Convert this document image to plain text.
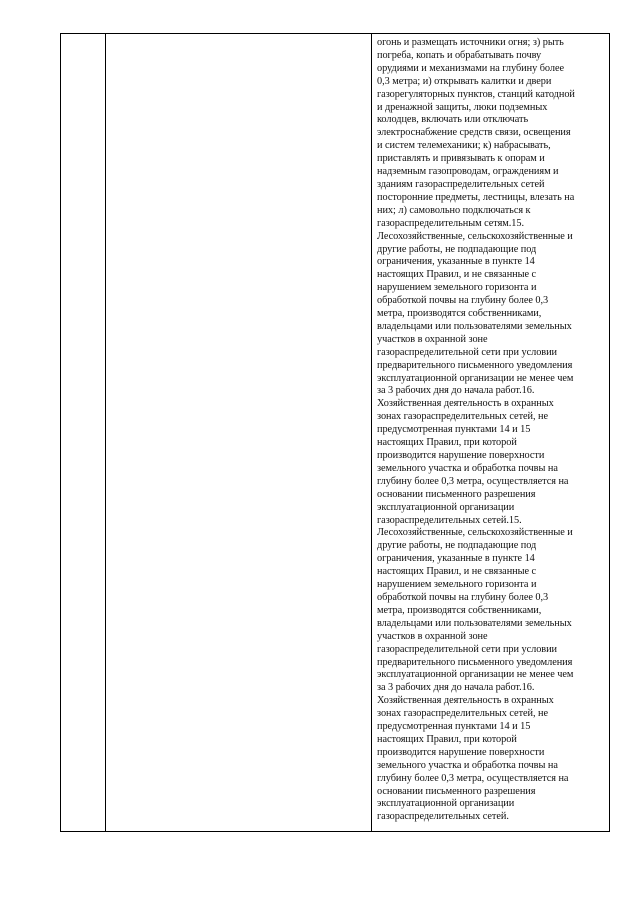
огонь и размещать источники огня; з) рыть
погреба, копать и обрабатывать почву
орудиями и механизмами на глубину более
0,3 метра; и) открывать калитки и двери
газорегуляторных пунктов, станций катодной
и дренажной защиты, люки подземных
колодцев, включать или отключать
электроснабжение средств связи, освещения
и систем телемеханики; к) набрасывать,
приставлять и привязывать к опорам и
надземным газопроводам, ограждениям и
зданиям газораспределительных сетей
посторонние предметы, лестницы, влезать на
них; л) самовольно подключаться к
газораспределительным сетям.15.
Лесохозяйственные, сельскохозяйственные и
другие работы, не подпадающие под
ограничения, указанные в пункте 14
настоящих Правил, и не связанные с
нарушением земельного горизонта и
обработкой почвы на глубину более 0,3
метра, производятся собственниками,
владельцами или пользователями земельных
участков в охранной зоне
газораспределительной сети при условии
предварительного письменного уведомления
эксплуатационной организации не менее чем
за 3 рабочих дня до начала работ.16.
Хозяйственная деятельность в охранных
зонах газораспределительных сетей, не
предусмотренная пунктами 14 и 15
настоящих Правил, при которой
производится нарушение поверхности
земельного участка и обработка почвы на
глубину более 0,3 метра, осуществляется на
основании письменного разрешения
эксплуатационной организации
газораспределительных сетей.15.
Лесохозяйственные, сельскохозяйственные и
другие работы, не подпадающие под
ограничения, указанные в пункте 14
настоящих Правил, и не связанные с
нарушением земельного горизонта и
обработкой почвы на глубину более 0,3
метра, производятся собственниками,
владельцами или пользователями земельных
участков в охранной зоне
газораспределительной сети при условии
предварительного письменного уведомления
эксплуатационной организации не менее чем
за 3 рабочих дня до начала работ.16.
Хозяйственная деятельность в охранных
зонах газораспределительных сетей, не
предусмотренная пунктами 14 и 15
настоящих Правил, при которой
производится нарушение поверхности
земельного участка и обработка почвы на
глубину более 0,3 метра, осуществляется на
основании письменного разрешения
эксплуатационной организации
газораспределительных сетей.
